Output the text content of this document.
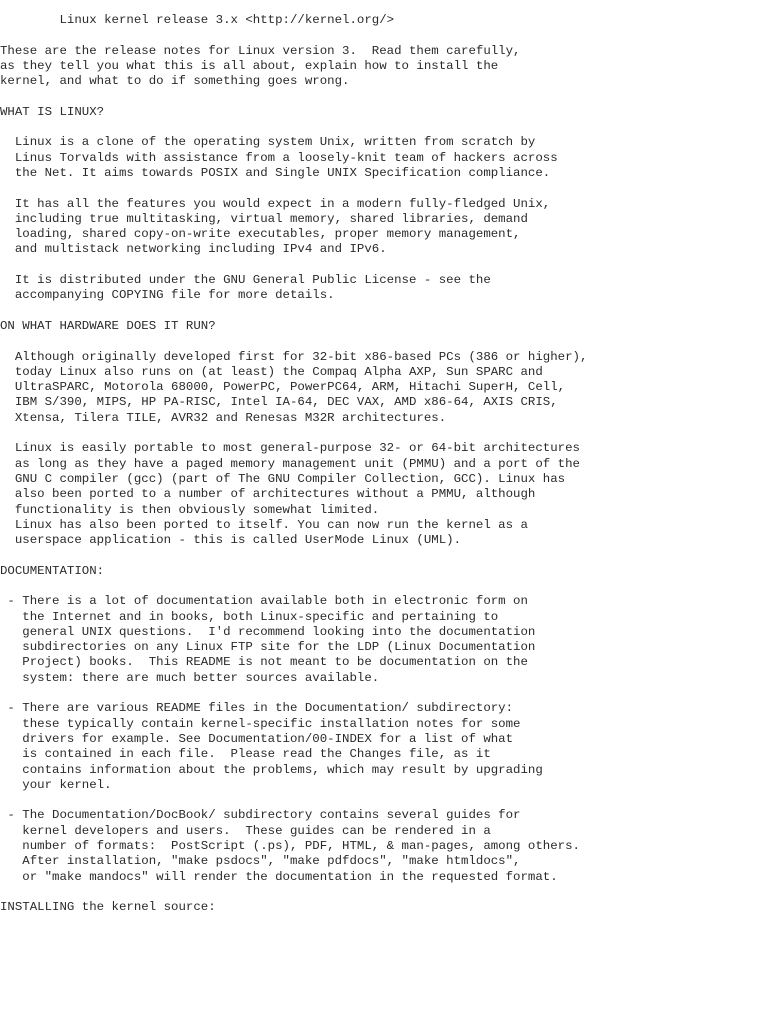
Linux kernel release 3.x <http://kernel.org/>
These are the release notes for Linux version 3.  Read them carefully,
as they tell you what this is all about, explain how to install the
kernel, and what to do if something goes wrong.
WHAT IS LINUX?
Linux is a clone of the operating system Unix, written from scratch by
Linus Torvalds with assistance from a loosely-knit team of hackers across
the Net. It aims towards POSIX and Single UNIX Specification compliance.
It has all the features you would expect in a modern fully-fledged Unix,
including true multitasking, virtual memory, shared libraries, demand
loading, shared copy-on-write executables, proper memory management,
and multistack networking including IPv4 and IPv6.
It is distributed under the GNU General Public License - see the
accompanying COPYING file for more details.
ON WHAT HARDWARE DOES IT RUN?
Although originally developed first for 32-bit x86-based PCs (386 or higher),
today Linux also runs on (at least) the Compaq Alpha AXP, Sun SPARC and
UltraSPARC, Motorola 68000, PowerPC, PowerPC64, ARM, Hitachi SuperH, Cell,
IBM S/390, MIPS, HP PA-RISC, Intel IA-64, DEC VAX, AMD x86-64, AXIS CRIS,
Xtensa, Tilera TILE, AVR32 and Renesas M32R architectures.
Linux is easily portable to most general-purpose 32- or 64-bit architectures
as long as they have a paged memory management unit (PMMU) and a port of the
GNU C compiler (gcc) (part of The GNU Compiler Collection, GCC). Linux has
also been ported to a number of architectures without a PMMU, although
functionality is then obviously somewhat limited.
Linux has also been ported to itself. You can now run the kernel as a
userspace application - this is called UserMode Linux (UML).
DOCUMENTATION:
- There is a lot of documentation available both in electronic form on
the Internet and in books, both Linux-specific and pertaining to
general UNIX questions.  I'd recommend looking into the documentation
subdirectories on any Linux FTP site for the LDP (Linux Documentation
Project) books.  This README is not meant to be documentation on the
system: there are much better sources available.
- There are various README files in the Documentation/ subdirectory:
these typically contain kernel-specific installation notes for some
drivers for example. See Documentation/00-INDEX for a list of what
is contained in each file.  Please read the Changes file, as it
contains information about the problems, which may result by upgrading
your kernel.
- The Documentation/DocBook/ subdirectory contains several guides for
kernel developers and users.  These guides can be rendered in a
number of formats:  PostScript (.ps), PDF, HTML, & man-pages, among others.
After installation, "make psdocs", "make pdfdocs", "make htmldocs",
or "make mandocs" will render the documentation in the requested format.
INSTALLING the kernel source:
